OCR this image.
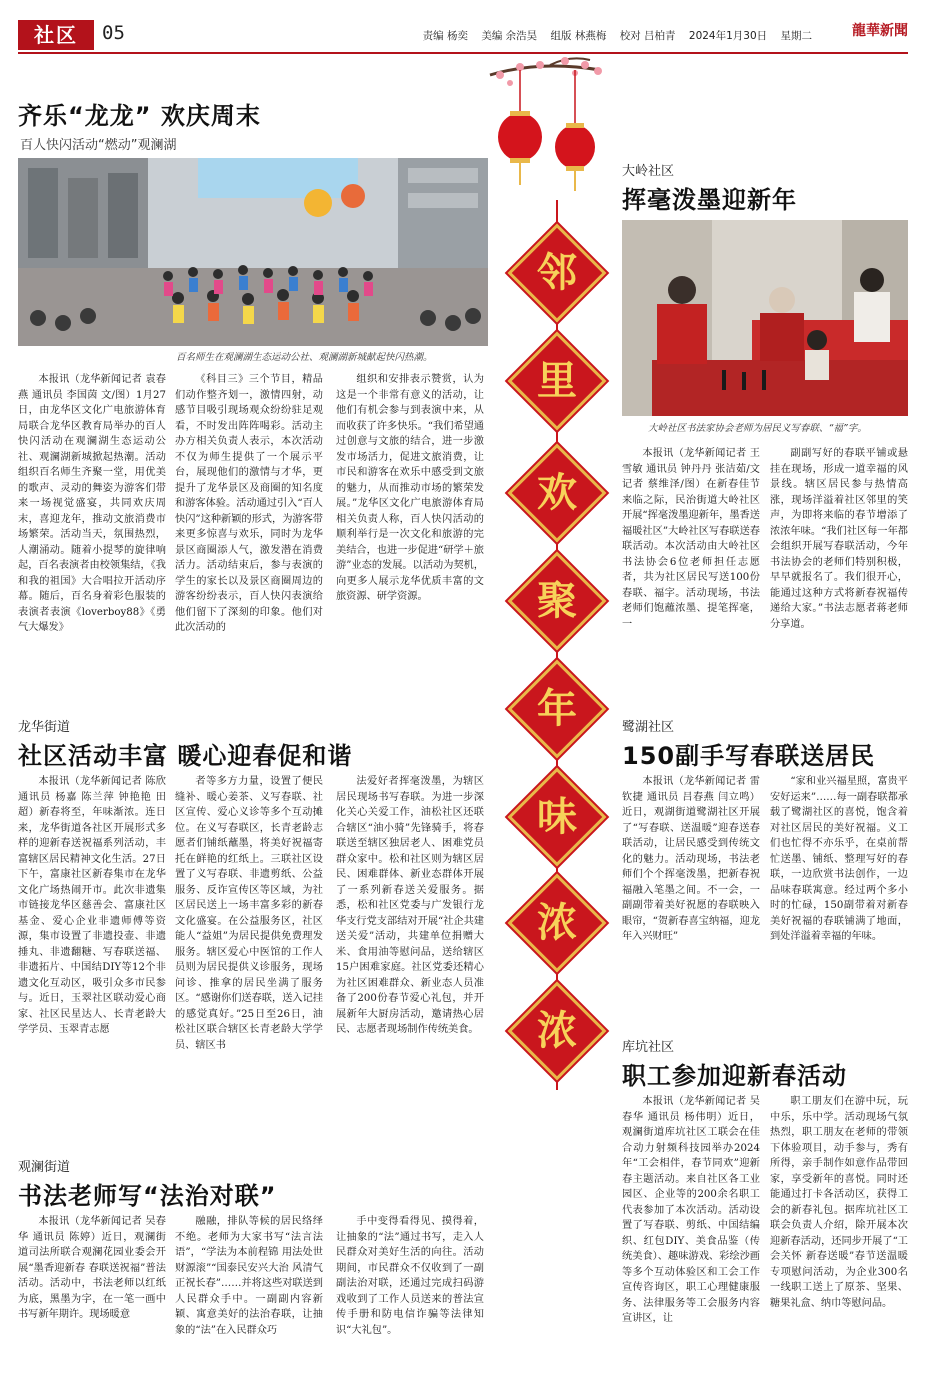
社区	05	责编 杨奕 美编 余浩昊 组版 林燕梅 校对 吕柏青 2024年1月30日 星期二	龍華新聞
齐乐“龙龙” 欢庆周末
百人快闪活动“燃动”观澜湖
百名师生在观澜湖生态运动公社、观澜湖新城献起快闪热潮。

本报讯（龙华新闻记者 袁春燕 通讯员 李国茵 文/图）1月27日，由龙华区文化广电旅游体育局联合龙华区教育局举办的百人快闪活动在观澜湖生态运动公社、观澜湖新城掀起热潮。活动组织百名师生齐聚一堂，用优美的歌声、灵动的舞姿为游客们带来一场视觉盛宴，共同欢庆周末，喜迎龙年，推动文旅消费市场繁荣。活动当天，氛围热烈，人潮涌动。随着小提琴的旋律响起，百名表演者由校领集结，《我和我的祖国》大合唱拉开活动序幕。随后，百名身着彩色服装的表演者表演《loverboy88》《勇气大爆发》

《科目三》三个节目，精品们动作整齐划一，激情四射，动感节目吸引现场观众纷纷驻足观看，不时发出阵阵喝彩。活动主办方相关负责人表示，本次活动不仅为师生提供了一个展示平台，展现他们的激情与才华，更提升了龙华景区及商圈的知名度和游客体验。活动通过引入“百人快闪”这种新颖的形式，为游客带来更多惊喜与欢乐，同时为龙华景区商圈添人气，激发潜在消费活力。活动结束后，参与表演的学生的家长以及景区商圈周边的游客纷纷表示，百人快闪表演给他们留下了深刻的印象。他们对此次活动的

组织和安排表示赞赏，认为这是一个非常有意义的活动，让他们有机会参与到表演中来，从而收获了许多快乐。“我们希望通过创意与文旅的结合，进一步激发市场活力，促进文旅消费，让市民和游客在欢乐中感受到文旅的魅力，从而推动市场的繁荣发展。”龙华区文化广电旅游体育局相关负责人称，百人快闪活动的顺利举行是一次文化和旅游的完美结合，也进一步促进“研学＋旅游”业态的发展。以活动为契机，向更多人展示龙华优质丰富的文旅资源、研学资源。

龙华街道
社区活动丰富 暖心迎春促和谐

本报讯（龙华新闻记者 陈欣 通讯员 杨嘉 陈兰萍 钟艳艳 田超）新春将至，年味渐浓。连日来，龙华街道各社区开展形式多样的迎新春送祝福系列活动，丰富辖区居民精神文化生活。27日下午，富康社区新春集市在龙华文化广场热闹开市。此次非遗集市链接龙华区慈善会、富康社区基金、爱心企业非遗师傅等资源，集市设置了非遗投壶、非遗捶丸、非遗翻糖、写春联送福、非遗拓片、中国结DIY等12个非遗文化互动区，吸引众多市民参与。近日，玉翠社区联动爱心商家、社区民星达人、长青老龄大学学员、玉翠青志愿

者等多方力量，设置了便民缝补、暖心姜茶、义写春联、社区宣传、爱心义诊等多个互动摊位。在义写春联区，长青老龄志愿者们铺纸蘸墨，将美好祝福寄托在鲜艳的红纸上。三联社区设置了义写春联、非遗剪纸、公益服务、反诈宣传区等区域，为社区居民送上一场丰富多彩的新春文化盛宴。在公益服务区，社区能人“益姐”为居民提供免费理发服务。辖区爱心中医馆的工作人员则为居民提供义诊服务，现场问诊、推拿的居民坐满了服务区。“感谢你们送春联，送入记挂的感觉真好。”25日至26日，油松社区联合辖区长青老龄大学学员、辖区书

法爱好者挥毫泼墨，为辖区居民现场书写春联。为进一步深化关心关爱工作，油松社区还联合辖区“油小骑”先锋骑手，将春联送至辖区独居老人、困难党员群众家中。松和社区则为辖区居民、困难群体、新业态群体开展了一系列新春送关爱服务。据悉，松和社区党委与广发银行龙华支行党支部结对开展“社企共建送关爱”活动，共建单位捐赠大米、食用油等慰问品，送给辖区15户困难家庭。社区党委还精心为社区困难群众、新业态人员准备了200份春节爱心礼包，并开展新年大厨房活动，邀请热心居民、志愿者现场制作传统美食。

观澜街道
书法老师写“法治对联”

本报讯（龙华新闻记者 吴春华 通讯员 陈婷）近日，观澜街道司法所联合观澜花园业委会开展“墨香迎新春 春联送祝福”普法活动。活动中，书法老师以红纸为底，黑墨为字，在一笔一画中书写新年期许。现场暖意

融融，排队等候的居民络绎不绝。老师为大家书写“法言法语”，“学法为本前程锦 用法处世财源滚”“国泰民安兴大治 风清气正祝长春”……并将这些对联送到人民群众手中。一副副内容新颖、寓意美好的法治春联，让抽象的“法”在入民群众巧

手中变得看得见、摸得着，让抽象的“法”通过书写，走入人民群众对美好生活的向往。活动期间，市民群众不仅收到了一副副法治对联，还通过完成扫码游戏收到了工作人员送来的普法宣传手册和防电信诈骗等法律知识“大礼包”。

邻
里
欢
聚
年
味
浓
浓
大岭社区
挥毫泼墨迎新年
大岭社区书法家协会老师为居民义写春联、“福”字。

本报讯（龙华新闻记者 王雪敏 通讯员 钟丹丹 张洁茹/文 记者 蔡维泽/图）在新春佳节来临之际，民治街道大岭社区开展“挥毫泼墨迎新年，墨香送福暖社区”大岭社区写春联送春联活动。本次活动由大岭社区书法协会6位老师担任志愿者，共为社区居民写送100份春联、福字。活动现场，书法老师们饱蘸浓墨、提笔挥毫，一

副副写好的春联平铺或悬挂在现场，形成一道幸福的风景线。辖区居民参与热情高涨，现场洋溢着社区邻里的笑声，为即将来临的春节增添了浓浓年味。“我们社区每一年都会组织开展写春联活动，今年书法协会的老师们特别积极，早早就报名了。我们很开心，能通过这种方式将新春祝福传递给大家。”书法志愿者蒋老师分享道。

鹭湖社区
150副手写春联送居民

本报讯（龙华新闻记者 雷钦捷 通讯员 吕春燕 闫立鸣）近日，观湖街道鹭湖社区开展了“写春联、送温暖”迎春送春联活动，让居民感受到传统文化的魅力。活动现场，书法老师们个个挥毫泼墨，把新春祝福融入笔墨之间。不一会，一副副带着美好祝愿的春联映入眼帘，“贺新春喜宝纳福，迎龙年入兴财旺”

“家和业兴福星照，富贵平安好运来”……每一副春联都承载了鹭湖社区的喜悦，饱含着对社区居民的美好祝福。义工们也忙得不亦乐乎，在桌前帮忙送墨、铺纸、整理写好的春联，一边欣赏书法创作，一边品味春联寓意。经过两个多小时的忙碌，150副带着对新春美好祝福的春联铺满了地面，到处洋溢着幸福的年味。

库坑社区
职工参加迎新春活动

本报讯（龙华新闻记者 吴春华 通讯员 杨伟明）近日，观澜街道库坑社区工联会在佳合动力射频科技园举办2024年“工会相伴，春节同欢”迎新春主题活动。来自社区各工业园区、企业等的200余名职工代表参加了本次活动。活动设置了写春联、剪纸、中国结编织、红包DIY、美食品鉴（传统美食）、趣味游戏、彩绘沙画等多个互动体验区和工会工作宣传咨询区，职工心理健康服务、法律服务等工会服务内容宣讲区，让

职工朋友们在游中玩，玩中乐，乐中学。活动现场气氛热烈，职工朋友在老师的带领下体验项目，动手参与，秀有所得，亲手制作如意作品带回家，享受新年的喜悦。同时还能通过打卡各活动区，获得工会的新春礼包。据库坑社区工联会负责人介绍，除开展本次迎新春活动，还同步开展了“工会关怀 新春送暖”春节送温暖专项慰问活动，为企业300名一线职工送上了原茶、坚果、糖果礼盒、纳巾等慰问品。
